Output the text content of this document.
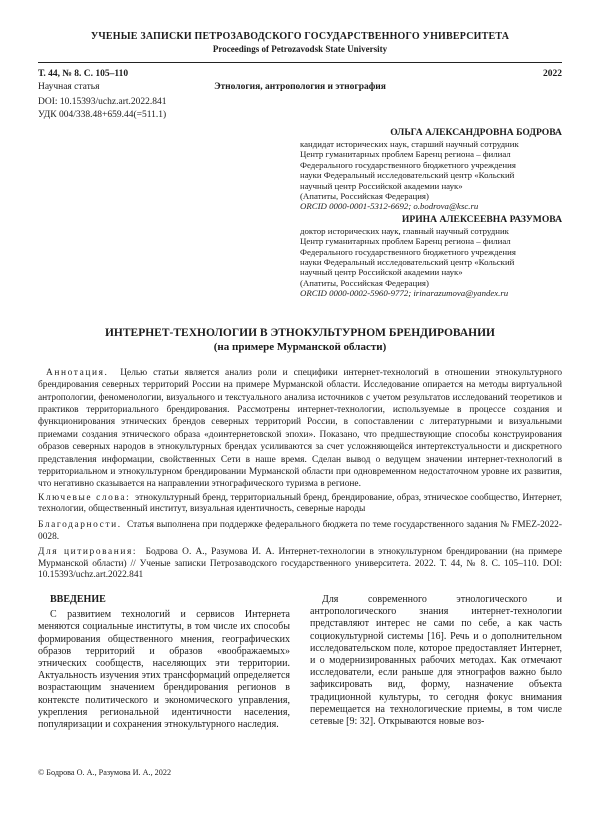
УЧЕНЫЕ ЗАПИСКИ ПЕТРОЗАВОДСКОГО ГОСУДАРСТВЕННОГО УНИВЕРСИТЕТА
Proceedings of Petrozavodsk State University
Т. 44, № 8. С. 105–110	2022
Научная статья	Этнология, антропология и этнография
DOI: 10.15393/uchz.art.2022.841
УДК 004/338.48+659.44(=511.1)
ОЛЬГА АЛЕКСАНДРОВНА БОДРОВА
кандидат исторических наук, старший научный сотрудник
Центр гуманитарных проблем Баренц региона – филиал
Федерального государственного бюджетного учреждения
науки Федеральный исследовательский центр «Кольский
научный центр Российской академии наук»
(Апатиты, Российская Федерация)
ORCID 0000-0001-5312-6692; o.bodrova@ksc.ru
ИРИНА АЛЕКСЕЕВНА РАЗУМОВА
доктор исторических наук, главный научный сотрудник
Центр гуманитарных проблем Баренц региона – филиал
Федерального государственного бюджетного учреждения
науки Федеральный исследовательский центр «Кольский
научный центр Российской академии наук»
(Апатиты, Российская Федерация)
ORCID 0000-0002-5960-9772; irinarazumova@yandex.ru
ИНТЕРНЕТ-ТЕХНОЛОГИИ В ЭТНОКУЛЬТУРНОМ БРЕНДИРОВАНИИ
(на примере Мурманской области)

Аннотация. Целью статьи является анализ роли и специфики интернет-технологий в отношении этнокультурного брендирования северных территорий России на примере Мурманской области. Исследование опирается на методы виртуальной антропологии, феноменологии, визуального и текстуального анализа источников с учетом результатов исследований теоретиков и практиков территориального брендирования. Рассмотрены интернет-технологии, используемые в процессе создания и функционирования этнических брендов северных территорий России, в сопоставлении с литературными и визуальными приемами создания этнического образа «доинтернетовской эпохи». Показано, что предшествующие способы конструирования образов северных народов в этнокультурных брендах усиливаются за счет усложняющейся интертекстуальности и дискретного представления информации, свойственных Сети в наше время. Сделан вывод о ведущем значении интернет-технологий в территориальном и этнокультурном брендировании Мурманской области при одновременном недостаточном уровне их развития, что негативно сказывается на направлении этнографического туризма в регионе.

Ключевые слова: этнокультурный бренд, территориальный бренд, брендирование, образ, этническое сообщество, Интернет, технологии, общественный институт, визуальная идентичность, северные народы

Благодарности. Статья выполнена при поддержке федерального бюджета по теме государственного задания № FMEZ-2022-0028.

Для цитирования: Бодрова О. А., Разумова И. А. Интернет-технологии в этнокультурном брендировании (на примере Мурманской области) // Ученые записки Петрозаводского государственного университета. 2022. Т. 44, № 8. С. 105–110. DOI: 10.15393/uchz.art.2022.841

ВВЕДЕНИЕ

С развитием технологий и сервисов Интернета меняются социальные институты, в том числе их способы формирования общественного мнения, географических образов территорий и образов «воображаемых» этнических сообществ, населяющих эти территории. Актуальность изучения этих трансформаций определяется возрастающим значением брендирования регионов в контексте политического и экономического управления, укрепления региональной идентичности населения, популяризации и сохранения этнокультурного наследия.

Для современного этнологического и антропологического знания интернет-технологии представляют интерес не сами по себе, а как часть социокультурной системы [16]. Речь и о дополнительном исследовательском поле, которое предоставляет Интернет, и о модернизированных рабочих методах. Как отмечают исследователи, если раньше для этнографов важно было зафиксировать вид, форму, назначение объекта традиционной культуры, то сегодня фокус внимания перемещается на технологические приемы, в том числе сетевые [9: 32]. Открываются новые воз-

© Бодрова О. А., Разумова И. А., 2022
